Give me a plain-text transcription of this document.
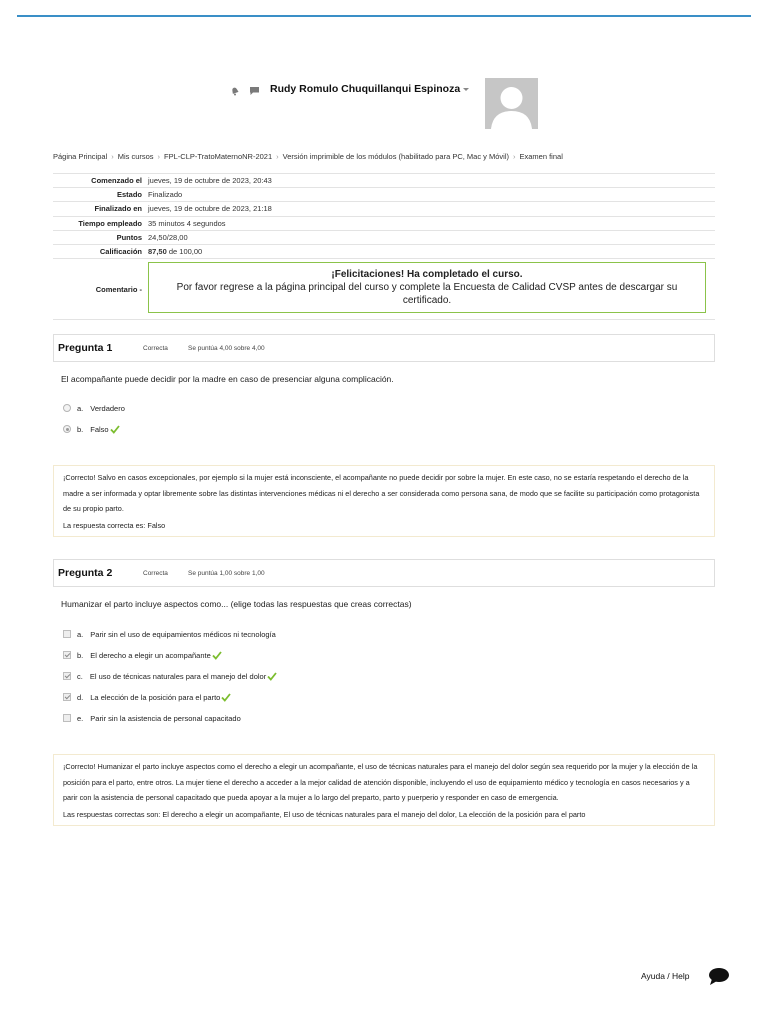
Rudy Romulo Chuquillanqui Espinoza
Página Principal › Mis cursos › FPL-CLP-TratoMaternoNR-2021 › Versión imprimible de los módulos (habilitado para PC, Mac y Móvil) › Examen final
Comenzado el	jueves, 19 de octubre de 2023, 20:43
Estado	Finalizado
Finalizado en	jueves, 19 de octubre de 2023, 21:18
Tiempo empleado	35 minutos 4 segundos
Puntos	24,50/28,00
Calificación	87,50 de 100,00
Comentario -	¡Felicitaciones! Ha completado el curso.
Por favor regrese a la página principal del curso y complete la Encuesta de Calidad CVSP antes de descargar su certificado.
Pregunta 1	Correcta	Se puntúa 4,00 sobre 4,00
El acompañante puede decidir por la madre en caso de presenciar alguna complicación.
a. Verdadero
b. Falso

¡Correcto! Salvo en casos excepcionales, por ejemplo si la mujer está inconsciente, el acompañante no puede decidir por sobre la mujer. En este caso, no se estaría respetando el derecho de la madre a ser informada y optar libremente sobre las distintas intervenciones médicas ni el derecho a ser considerada como persona sana, de modo que se facilite su participación como protagonista de su propio parto.

La respuesta correcta es: Falso

Pregunta 2	Correcta	Se puntúa 1,00 sobre 1,00
Humanizar el parto incluye aspectos como... (elige todas las respuestas que creas correctas)
a. Parir sin el uso de equipamientos médicos ni tecnología
b. El derecho a elegir un acompañante
c. El uso de técnicas naturales para el manejo del dolor
d. La elección de la posición para el parto
e. Parir sin la asistencia de personal capacitado

¡Correcto! Humanizar el parto incluye aspectos como el derecho a elegir un acompañante, el uso de técnicas naturales para el manejo del dolor según sea requerido por la mujer y la elección de la posición para el parto, entre otros. La mujer tiene el derecho a acceder a la mejor calidad de atención disponible, incluyendo el uso de equipamiento médico y tecnología en casos necesarios y a parir con la asistencia de personal capacitado que pueda apoyar a la mujer a lo largo del preparto, parto y puerperio y responder en caso de emergencia.

Las respuestas correctas son: El derecho a elegir un acompañante, El uso de técnicas naturales para el manejo del dolor, La elección de la posición para el parto

Ayuda / Help
